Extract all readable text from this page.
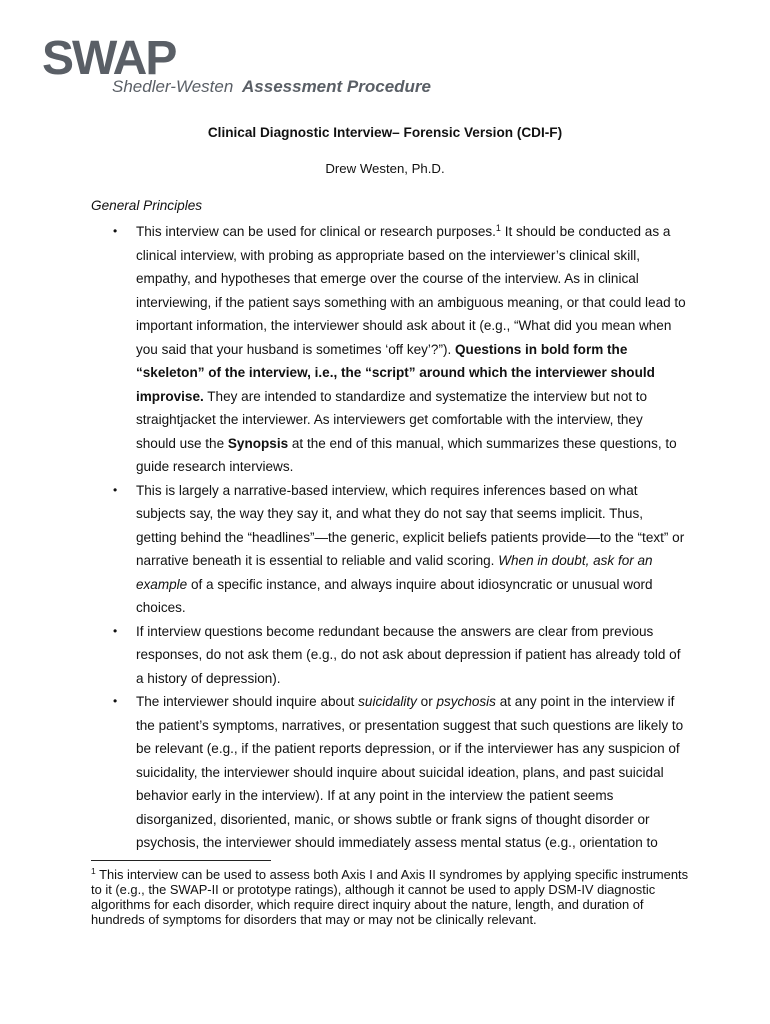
SWAP
Shedler-Westen Assessment Procedure
Clinical Diagnostic Interview– Forensic Version (CDI-F)
Drew Westen, Ph.D.
General Principles
• This interview can be used for clinical or research purposes.$^1$ It should be conducted as a clinical interview, with probing as appropriate based on the interviewer’s clinical skill, empathy, and hypotheses that emerge over the course of the interview. As in clinical interviewing, if the patient says something with an ambiguous meaning, or that could lead to important information, the interviewer should ask about it (e.g., “What did you mean when you said that your husband is sometimes ‘off key’?”). Questions in bold form the “skeleton” of the interview, i.e., the “script” around which the interviewer should improvise. They are intended to standardize and systematize the interview but not to straightjacket the interviewer. As interviewers get comfortable with the interview, they should use the Synopsis at the end of this manual, which summarizes these questions, to guide research interviews.
• This is largely a narrative-based interview, which requires inferences based on what subjects say, the way they say it, and what they do not say that seems implicit. Thus, getting behind the “headlines”—the generic, explicit beliefs patients provide—to the “text” or narrative beneath it is essential to reliable and valid scoring. When in doubt, ask for an example of a specific instance, and always inquire about idiosyncratic or unusual word choices.
• If interview questions become redundant because the answers are clear from previous responses, do not ask them (e.g., do not ask about depression if patient has already told of a history of depression).
• The interviewer should inquire about suicidality or psychosis at any point in the interview if the patient’s symptoms, narratives, or presentation suggest that such questions are likely to be relevant (e.g., if the patient reports depression, or if the interviewer has any suspicion of suicidality, the interviewer should inquire about suicidal ideation, plans, and past suicidal behavior early in the interview). If at any point in the interview the patient seems disorganized, disoriented, manic, or shows subtle or frank signs of thought disorder or psychosis, the interviewer should immediately assess mental status (e.g., orientation to
$^1$ This interview can be used to assess both Axis I and Axis II syndromes by applying specific instruments to it (e.g., the SWAP-II or prototype ratings), although it cannot be used to apply DSM-IV diagnostic algorithms for each disorder, which require direct inquiry about the nature, length, and duration of hundreds of symptoms for disorders that may or may not be clinically relevant.
